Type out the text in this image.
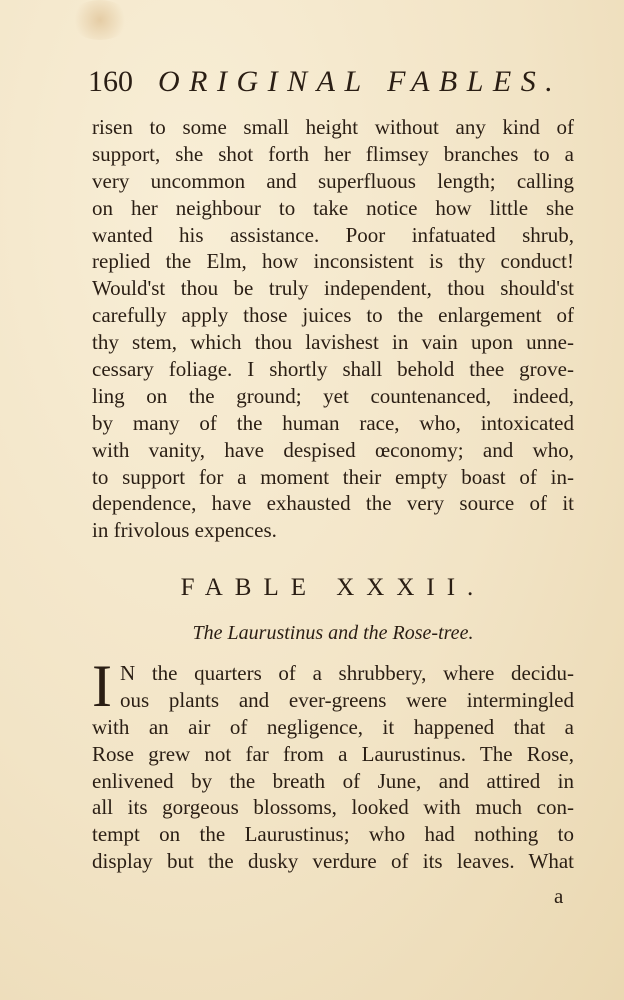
160 ORIGINAL FABLES.
risen to some small height without any kind of
support, she shot forth her flimsey branches to a
very uncommon and superfluous length; calling
on her neighbour to take notice how little she
wanted his assistance. Poor infatuated shrub,
replied the Elm, how inconsistent is thy conduct!
Would'st thou be truly independent, thou should'st
carefully apply those juices to the enlargement of
thy stem, which thou lavishest in vain upon unne-
cessary foliage. I shortly shall behold thee grove-
ling on the ground; yet countenanced, indeed,
by many of the human race, who, intoxicated
with vanity, have despised œconomy; and who,
to support for a moment their empty boast of in-
dependence, have exhausted the very source of it
in frivolous expences.
FABLE XXXII.
The Laurustinus and the Rose-tree.
I N the quarters of a shrubbery, where decidu-
ous plants and ever-greens were intermingled
with an air of negligence, it happened that a
Rose grew not far from a Laurustinus. The Rose,
enlivened by the breath of June, and attired in
all its gorgeous blossoms, looked with much con-
tempt on the Laurustinus; who had nothing to
display but the dusky verdure of its leaves. What
a
